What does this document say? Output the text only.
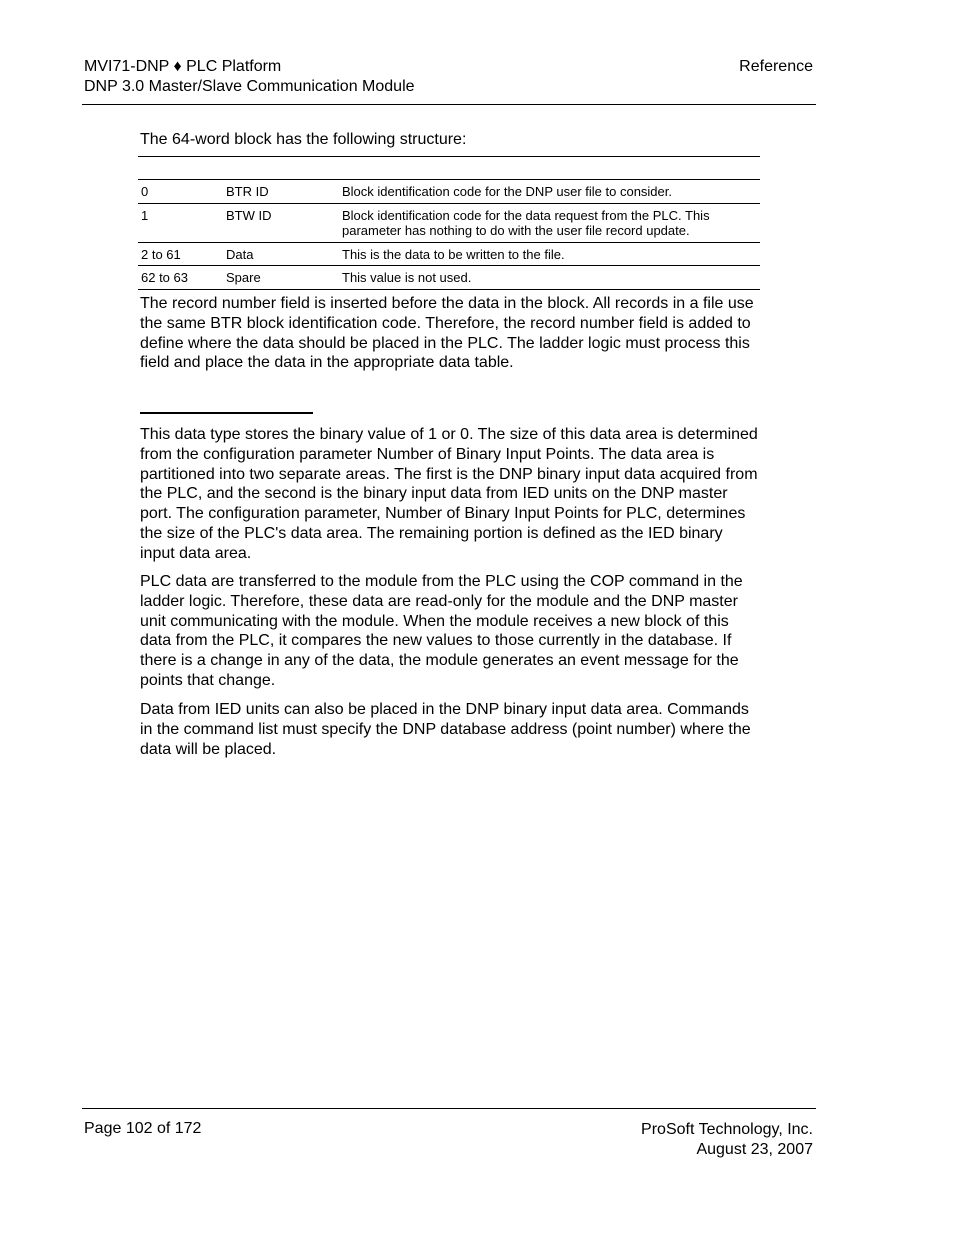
MVI71-DNP ♦ PLC Platform
DNP 3.0 Master/Slave Communication Module
Reference
The 64-word block has the following structure:
0	BTR ID	Block identification code for the DNP user file to consider.
1	BTW ID	Block identification code for the data request from the PLC. This parameter has nothing to do with the user file record update.
2 to 61	Data	This is the data to be written to the file.
62 to 63	Spare	This value is not used.
The record number field is inserted before the data in the block. All records in a file use the same BTR block identification code. Therefore, the record number field is added to define where the data should be placed in the PLC. The ladder logic must process this field and place the data in the appropriate data table.
This data type stores the binary value of 1 or 0. The size of this data area is determined from the configuration parameter Number of Binary Input Points. The data area is partitioned into two separate areas. The first is the DNP binary input data acquired from the PLC, and the second is the binary input data from IED units on the DNP master port. The configuration parameter, Number of Binary Input Points for PLC, determines the size of the PLC's data area. The remaining portion is defined as the IED binary input data area.
PLC data are transferred to the module from the PLC using the COP command in the ladder logic. Therefore, these data are read-only for the module and the DNP master unit communicating with the module. When the module receives a new block of this data from the PLC, it compares the new values to those currently in the database. If there is a change in any of the data, the module generates an event message for the points that change.
Data from IED units can also be placed in the DNP binary input data area. Commands in the command list must specify the DNP database address (point number) where the data will be placed.
Page 102 of 172	ProSoft Technology, Inc.
August 23, 2007
